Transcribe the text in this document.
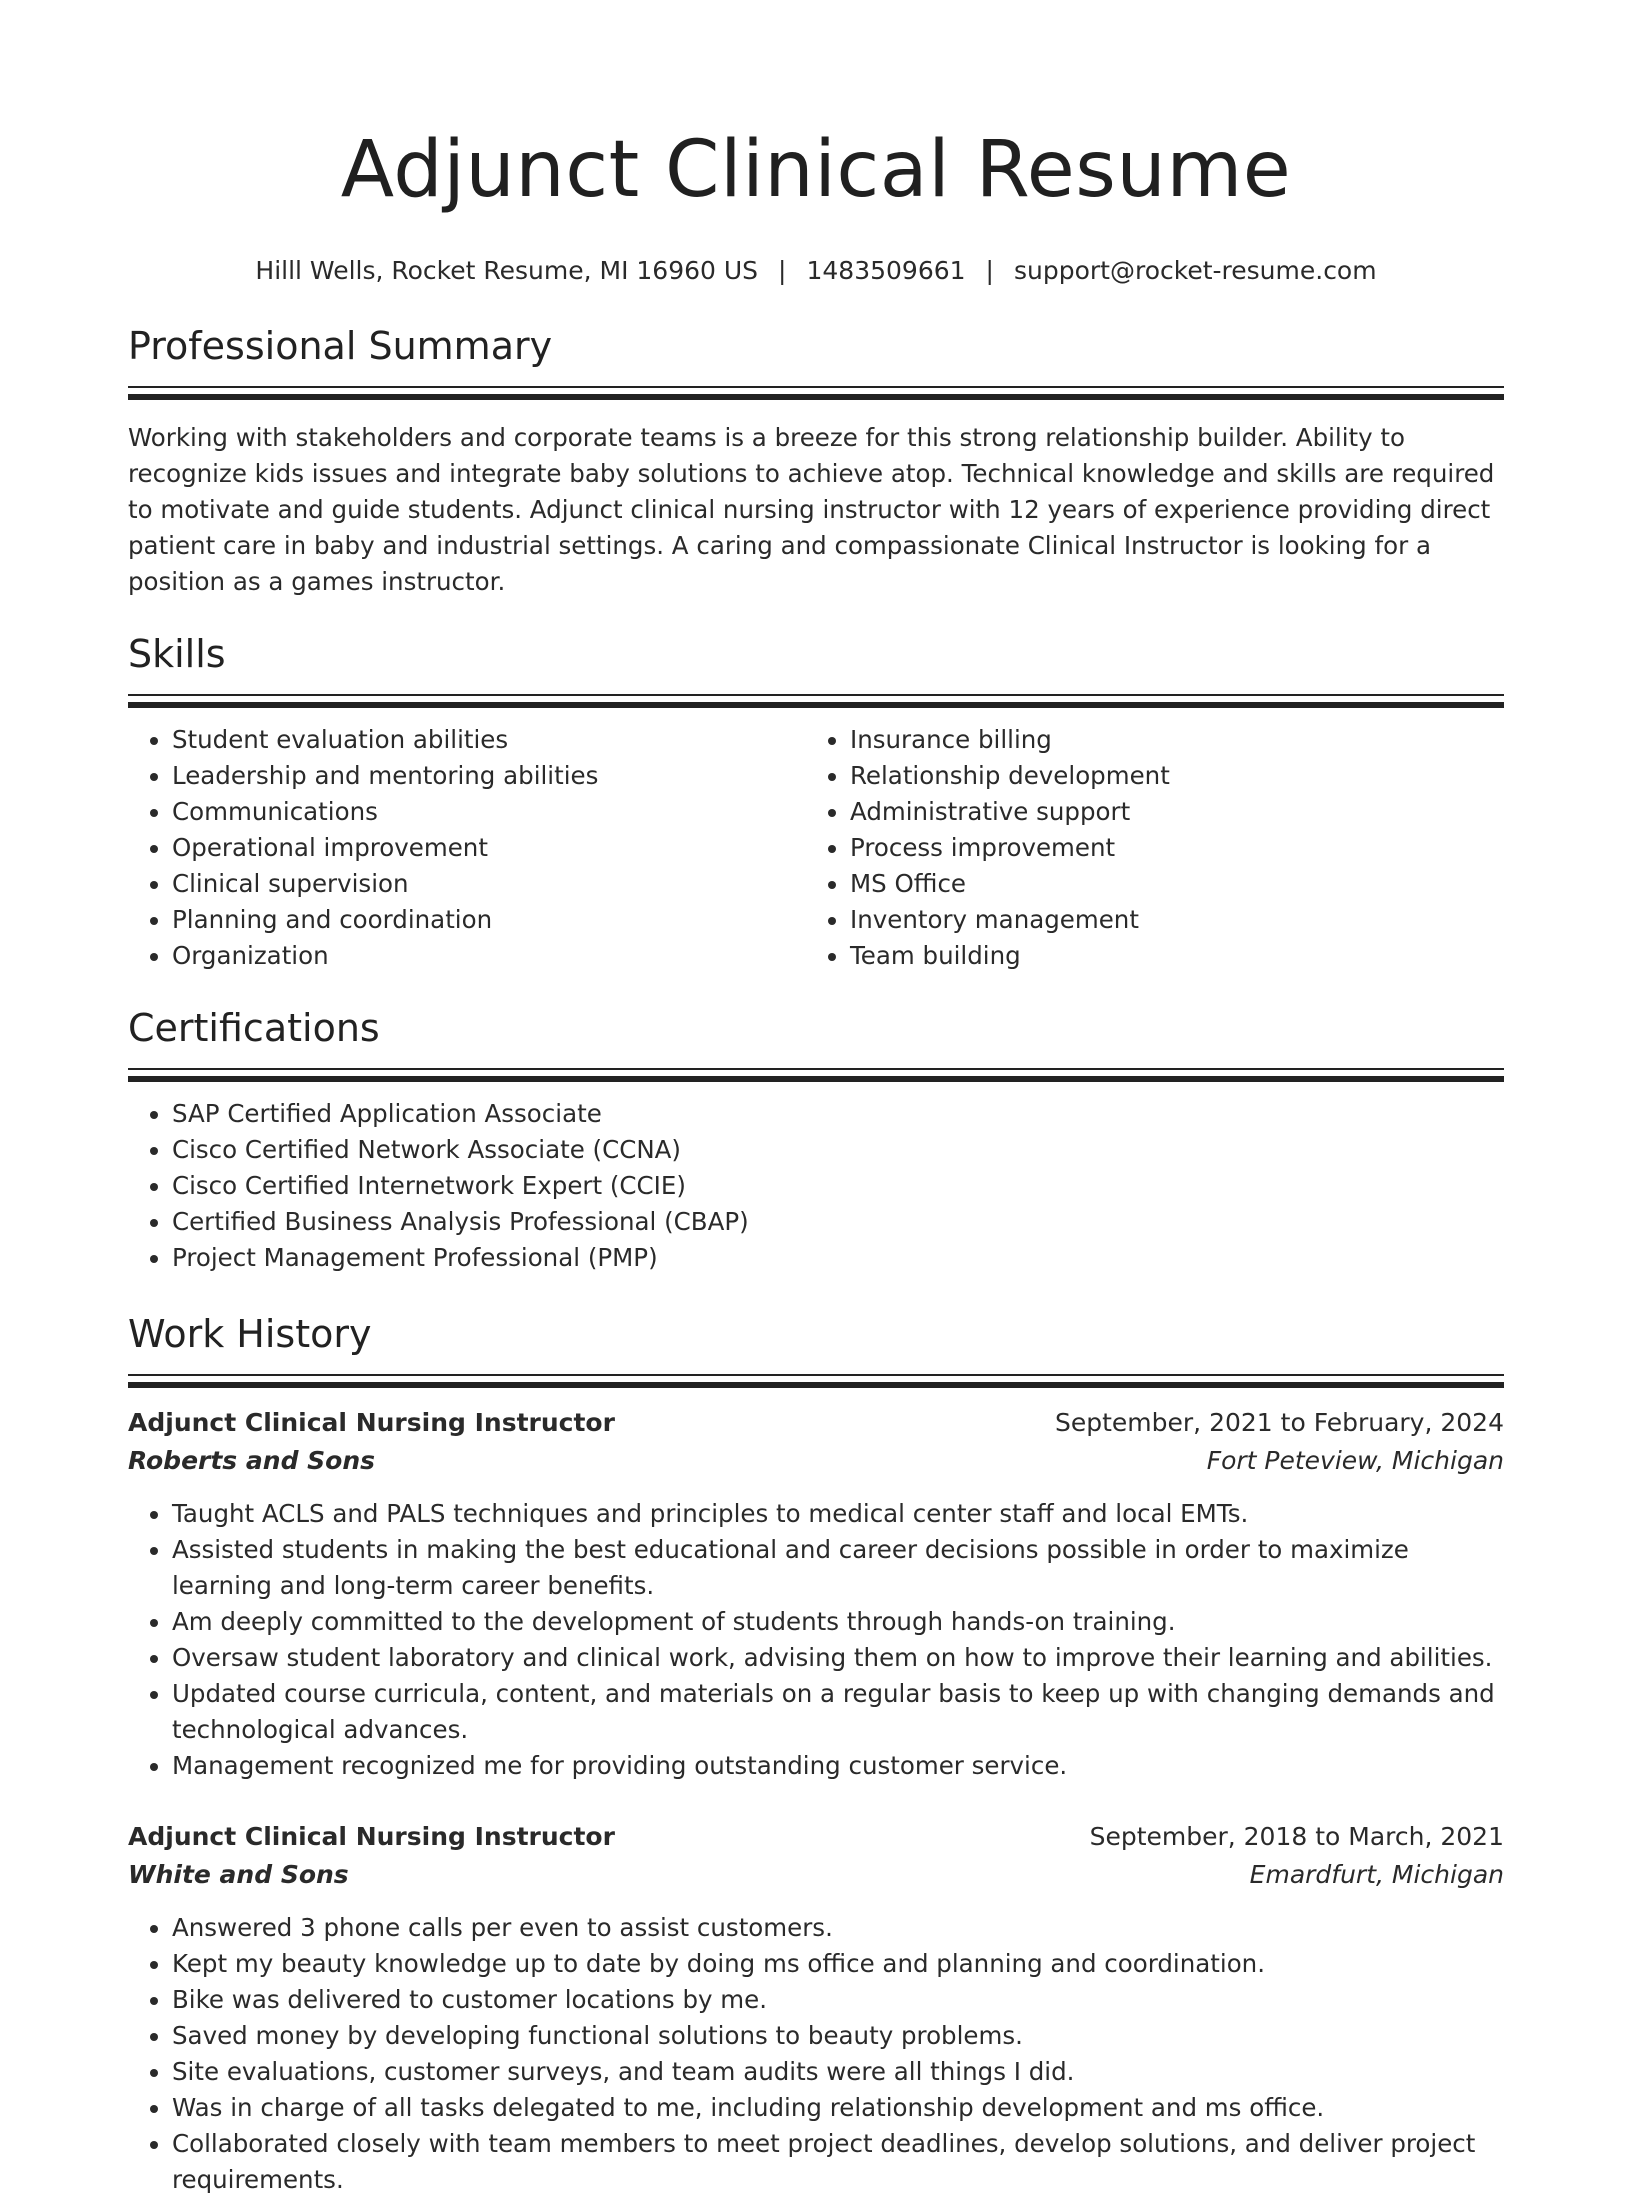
Adjunct Clinical Resume
Hilll Wells, Rocket Resume, MI 16960 US | 1483509661 | support@rocket-resume.com
Professional Summary

Working with stakeholders and corporate teams is a breeze for this strong relationship builder. Ability to recognize kids issues and integrate baby solutions to achieve atop. Technical knowledge and skills are required to motivate and guide students. Adjunct clinical nursing instructor with 12 years of experience providing direct patient care in baby and industrial settings. A caring and compassionate Clinical Instructor is looking for a position as a games instructor.

Skills
• Student evaluation abilities
• Leadership and mentoring abilities
• Communications
• Operational improvement
• Clinical supervision
• Planning and coordination
• Organization
• Insurance billing
• Relationship development
• Administrative support
• Process improvement
• MS Office
• Inventory management
• Team building
Certifications
• SAP Certified Application Associate
• Cisco Certified Network Associate (CCNA)
• Cisco Certified Internetwork Expert (CCIE)
• Certified Business Analysis Professional (CBAP)
• Project Management Professional (PMP)
Work History
Adjunct Clinical Nursing Instructor	September, 2021 to February, 2024
Roberts and Sons	Fort Peteview, Michigan
• Taught ACLS and PALS techniques and principles to medical center staff and local EMTs.
• Assisted students in making the best educational and career decisions possible in order to maximize learning and long-term career benefits.
• Am deeply committed to the development of students through hands-on training.
• Oversaw student laboratory and clinical work, advising them on how to improve their learning and abilities.
• Updated course curricula, content, and materials on a regular basis to keep up with changing demands and technological advances.
• Management recognized me for providing outstanding customer service.
Adjunct Clinical Nursing Instructor	September, 2018 to March, 2021
White and Sons	Emardfurt, Michigan
• Answered 3 phone calls per even to assist customers.
• Kept my beauty knowledge up to date by doing ms office and planning and coordination.
• Bike was delivered to customer locations by me.
• Saved money by developing functional solutions to beauty problems.
• Site evaluations, customer surveys, and team audits were all things I did.
• Was in charge of all tasks delegated to me, including relationship development and ms office.
• Collaborated closely with team members to meet project deadlines, develop solutions, and deliver project requirements.
